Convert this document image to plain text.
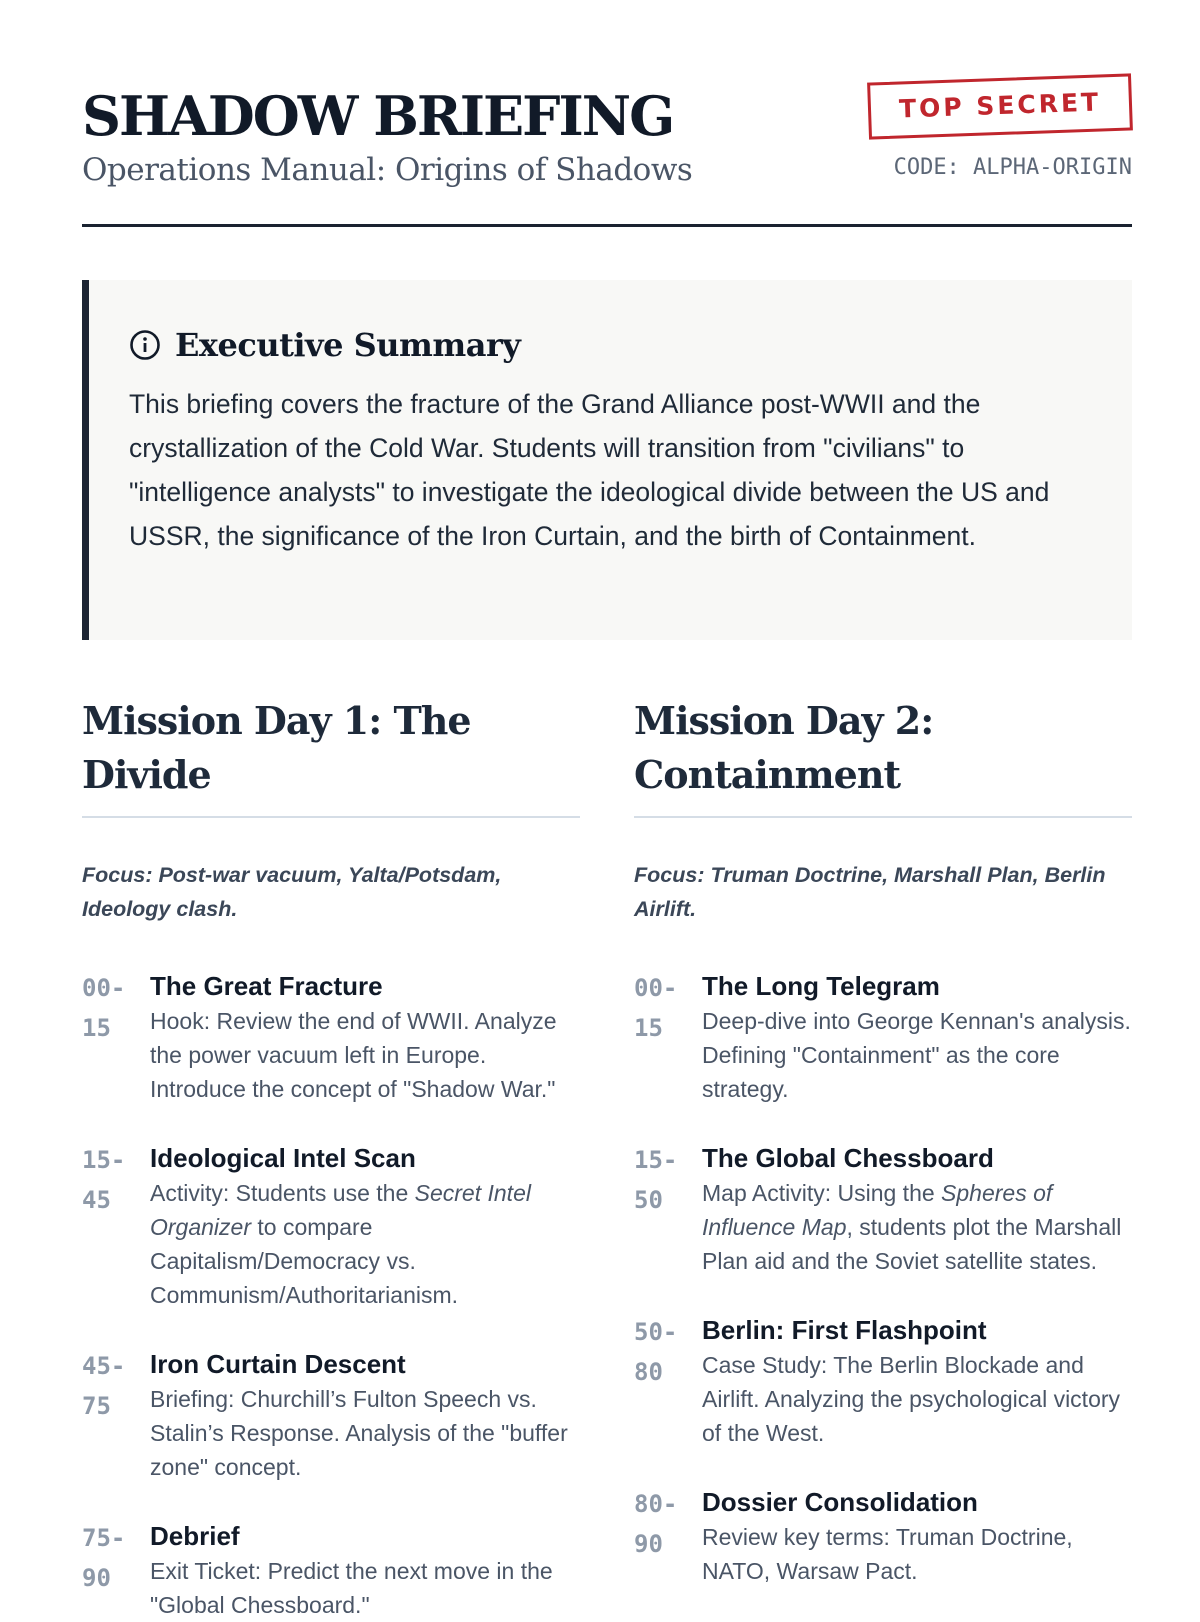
SHADOW BRIEFING
Operations Manual: Origins of Shadows
TOP SECRET
CODE: ALPHA-ORIGIN
Executive Summary
This briefing covers the fracture of the Grand Alliance post-WWII and the crystallization of the Cold War. Students will transition from "civilians" to "intelligence analysts" to investigate the ideological divide between the US and USSR, the significance of the Iron Curtain, and the birth of Containment.
Mission Day 1: The Divide
Focus: Post-war vacuum, Yalta/Potsdam, Ideology clash.
00-
15
The Great Fracture
Hook: Review the end of WWII. Analyze the power vacuum left in Europe. Introduce the concept of "Shadow War."
15-
45
Ideological Intel Scan
Activity: Students use the Secret Intel Organizer to compare Capitalism/Democracy vs. Communism/Authoritarianism.
45-
75
Iron Curtain Descent
Briefing: Churchill’s Fulton Speech vs. Stalin’s Response. Analysis of the "buffer zone" concept.
75-
90
Debrief
Exit Ticket: Predict the next move in the "Global Chessboard."
Mission Day 2: Containment
Focus: Truman Doctrine, Marshall Plan, Berlin Airlift.
00-
15
The Long Telegram
Deep-dive into George Kennan's analysis. Defining "Containment" as the core strategy.
15-
50
The Global Chessboard
Map Activity: Using the Spheres of Influence Map, students plot the Marshall Plan aid and the Soviet satellite states.
50-
80
Berlin: First Flashpoint
Case Study: The Berlin Blockade and Airlift. Analyzing the psychological victory of the West.
80-
90
Dossier Consolidation
Review key terms: Truman Doctrine, NATO, Warsaw Pact.
